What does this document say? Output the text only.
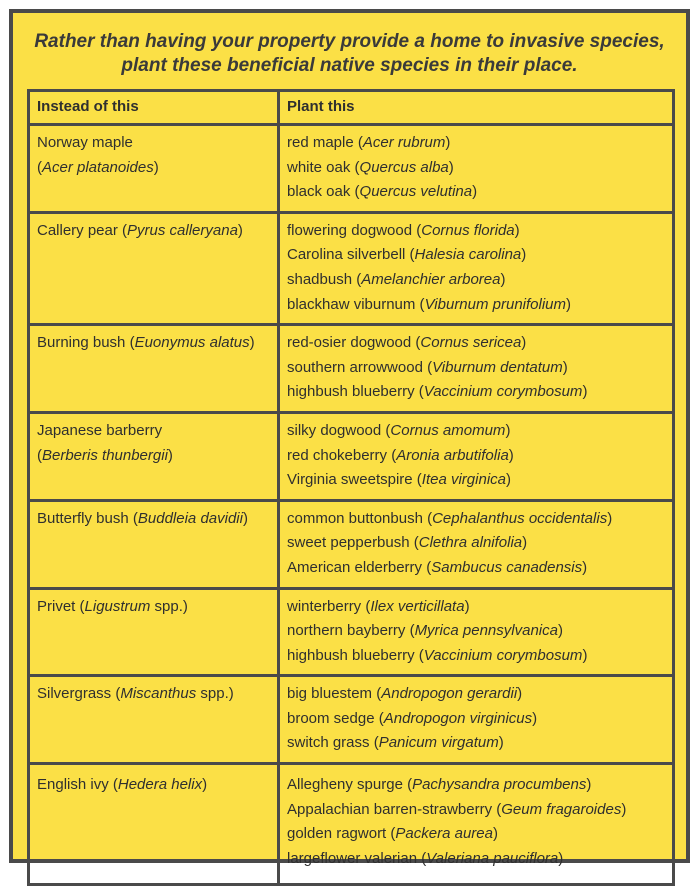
Rather than having your property provide a home to invasive species,
plant these beneficial native species in their place.
Instead of this	Plant this

Norway maple
(Acer platanoides)	red maple (Acer rubrum)
white oak (Quercus alba)
black oak (Quercus velutina)

Callery pear (Pyrus calleryana)	flowering dogwood (Cornus florida)
Carolina silverbell (Halesia carolina)
shadbush (Amelanchier arborea)
blackhaw viburnum (Viburnum prunifolium)

Burning bush (Euonymus alatus)	red-osier dogwood (Cornus sericea)
southern arrowwood (Viburnum dentatum)
highbush blueberry (Vaccinium corymbosum)

Japanese barberry
(Berberis thunbergii)	silky dogwood (Cornus amomum)
red chokeberry (Aronia arbutifolia)
Virginia sweetspire (Itea virginica)

Butterfly bush (Buddleia davidii)	common buttonbush (Cephalanthus occidentalis)
sweet pepperbush (Clethra alnifolia)
American elderberry (Sambucus canadensis)

Privet (Ligustrum spp.)	winterberry (Ilex verticillata)
northern bayberry (Myrica pennsylvanica)
highbush blueberry (Vaccinium corymbosum)

Silvergrass (Miscanthus spp.)	big bluestem (Andropogon gerardii)
broom sedge (Andropogon virginicus)
switch grass (Panicum virgatum)

English ivy (Hedera helix)	Allegheny spurge (Pachysandra procumbens)
Appalachian barren-strawberry (Geum fragaroides)
golden ragwort (Packera aurea)
largeflower valerian (Valeriana pauciflora)
